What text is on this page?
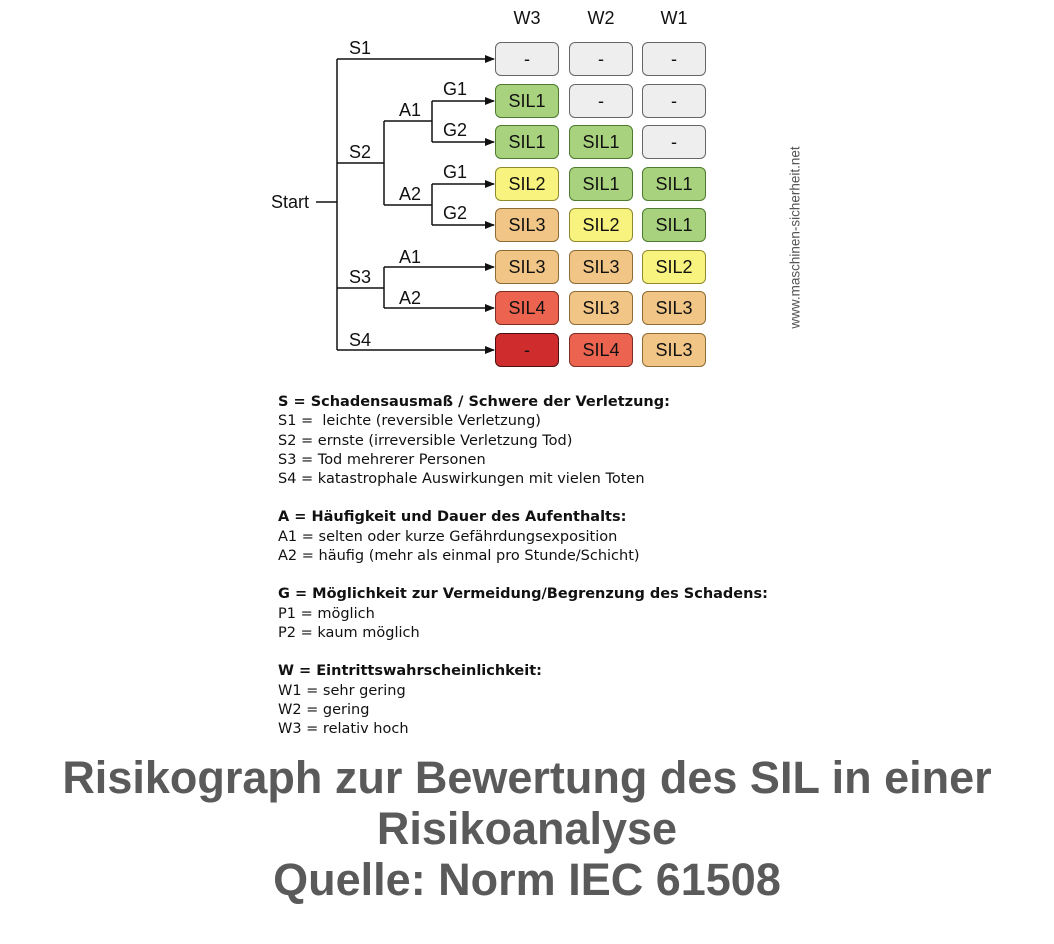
Start
S1
S2
S3
S4
A1
A2
G1
G2
G1
G2
A1
A2
W3	W2	W1
-	-	-
SIL1	-	-
SIL1	SIL1	-
SIL2	SIL1	SIL1
SIL3	SIL2	SIL1
SIL3	SIL3	SIL2
SIL4	SIL3	SIL3
-	SIL4	SIL3
www.maschinen-sicherheit.net
S = Schadensausmaß / Schwere der Verletzung:
S1 =  leichte (reversible Verletzung)
S2 = ernste (irreversible Verletzung Tod)
S3 = Tod mehrerer Personen
S4 = katastrophale Auswirkungen mit vielen Toten
A = Häufigkeit und Dauer des Aufenthalts:
A1 = selten oder kurze Gefährdungsexposition
A2 = häufig (mehr als einmal pro Stunde/Schicht)
G = Möglichkeit zur Vermeidung/Begrenzung des Schadens:
P1 = möglich
P2 = kaum möglich
W = Eintrittswahrscheinlichkeit:
W1 = sehr gering
W2 = gering
W3 = relativ hoch
Risikograph zur Bewertung des SIL in einer
Risikoanalyse
Quelle: Norm IEC 61508
